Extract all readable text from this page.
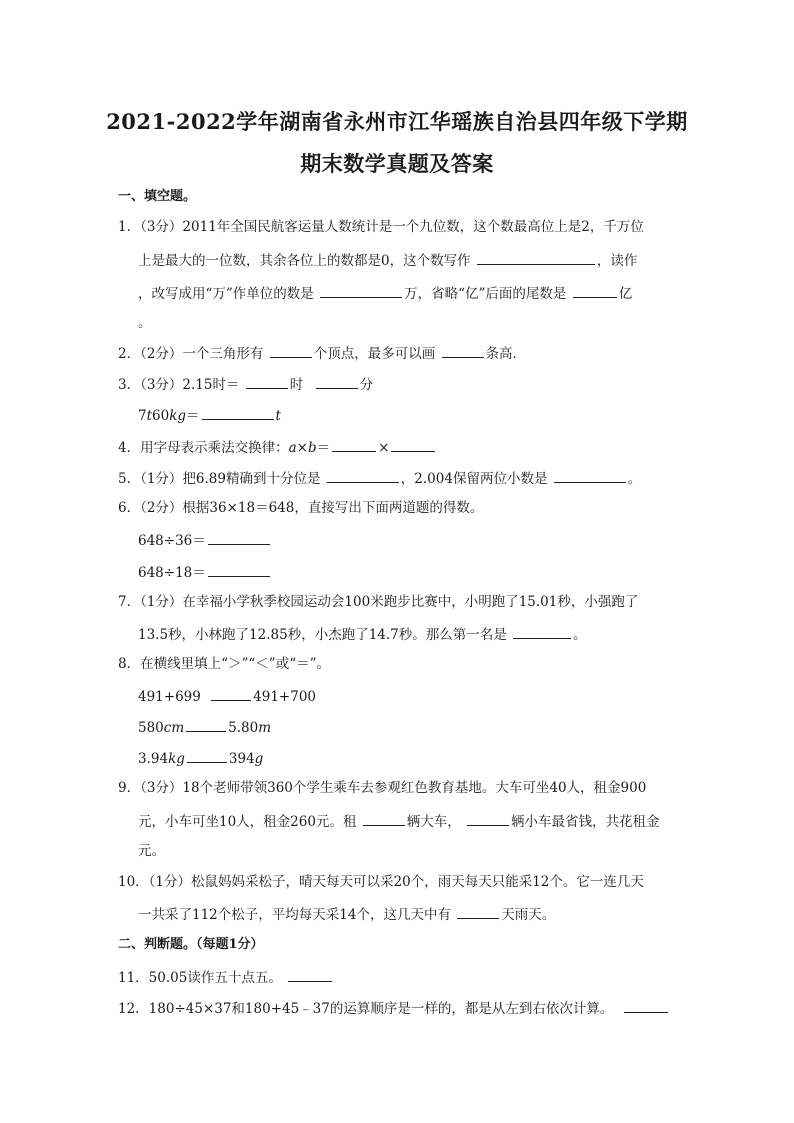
2021-2022学年湖南省永州市江华瑶族自治县四年级下学期
期末数学真题及答案
一、填空题。
1．（3分）2011年全国民航客运量人数统计是一个九位数，这个数最高位上是2，千万位
上是最大的一位数，其余各位上的数都是0，这个数写作	，读作
，改写成用“万”作单位的数是	万，省略“亿”后面的尾数是	亿
。
2．（2分）一个三角形有	个顶点，最多可以画	条高．
3．（3分）2.15时＝	时	分
7t60kg＝	t
4．用字母表示乘法交换律：a×b＝	×
5．（1分）把6.89精确到十分位是	，2.004保留两位小数是	。
6．（2分）根据36×18＝648，直接写出下面两道题的得数。
648÷36＝
648÷18＝
7．（1分）在幸福小学秋季校园运动会100米跑步比赛中，小明跑了15.01秒，小强跑了
13.5秒，小林跑了12.85秒，小杰跑了14.7秒。那么第一名是	。
8．在横线里填上“＞”“＜”或“＝”。
491+699	491+700
580cm	5.80m
3.94kg	394g
9．（3分）18个老师带领360个学生乘车去参观红色教育基地。大车可坐40人，租金900
元，小车可坐10人，租金260元。租	辆大车，	辆小车最省钱，共花租金
元。
10．（1分）松鼠妈妈采松子，晴天每天可以采20个，雨天每天只能采12个。它一连几天
一共采了112个松子，平均每天采14个，这几天中有	天雨天。
二、判断题。（每题1分）
11．50.05读作五十点五。
12．180÷45×37和180+45﹣37的运算顺序是一样的，都是从左到右依次计算。
